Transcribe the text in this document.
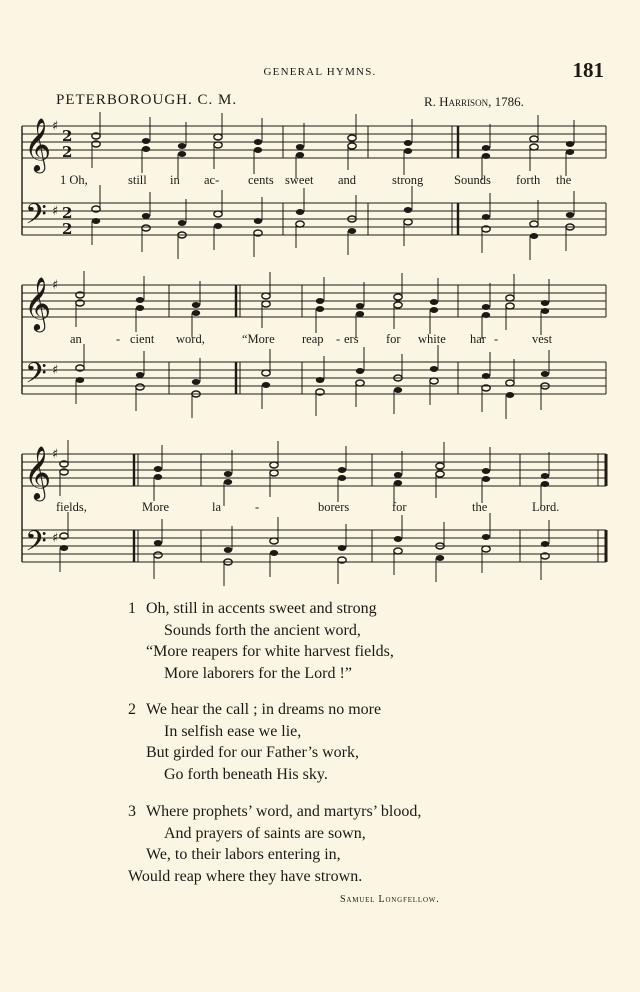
GENERAL HYMNS.	181
PETERBOROUGH. C. M.	R. Harrison, 1786.
𝄞
𝄢
♯
♯
2
2
2
2
𝄞
𝄢
♯
♯
𝄞
𝄢
♯
♯
1 Oh,	still in ac- cents sweet and	strong Sounds forth the
an	- cient word,	“More reap - ers for white har -	vest
fields,	More	la	-	borers	for	the	Lord.
1 Oh, still in accents sweet and strong
Sounds forth the ancient word,
“More reapers for white harvest fields,
More laborers for the Lord !”
2 We hear the call ; in dreams no more
In selfish ease we lie,
But girded for our Father’s work,
Go forth beneath His sky.
3 Where prophets’ word, and martyrs’ blood,
And prayers of saints are sown,
We, to their labors entering in,
Would reap where they have strown.
Samuel Longfellow.
